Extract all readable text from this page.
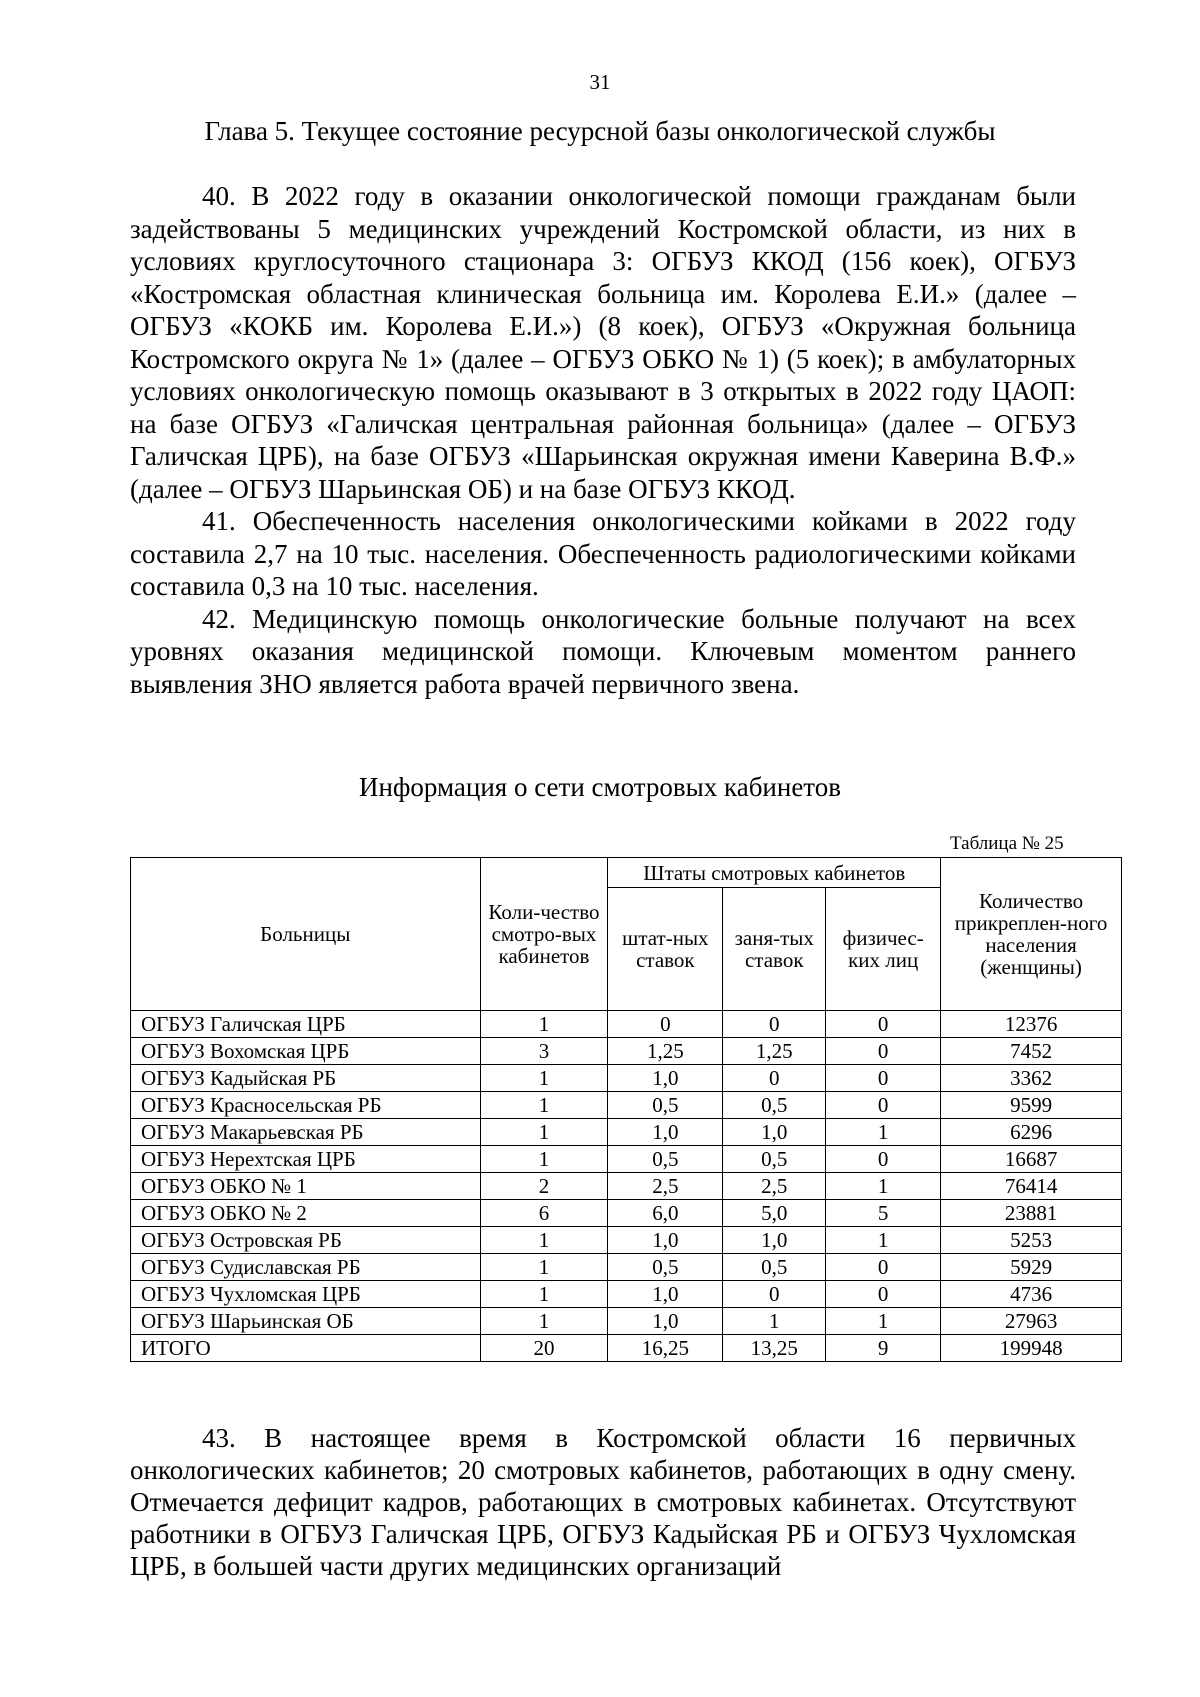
31
Глава 5. Текущее состояние ресурсной базы онкологической службы

40. В 2022 году в оказании онкологической помощи гражданам были задействованы 5 медицинских учреждений Костромской области, из них в условиях круглосуточного стационара 3: ОГБУЗ ККОД (156 коек), ОГБУЗ «Костромская областная клиническая больница им. Королева Е.И.» (далее – ОГБУЗ «КОКБ им. Королева Е.И.») (8 коек), ОГБУЗ «Окружная больница Костромского округа № 1» (далее – ОГБУЗ ОБКО № 1) (5 коек); в амбулаторных условиях онкологическую помощь оказывают в 3 открытых в 2022 году ЦАОП: на базе ОГБУЗ «Галичская центральная районная больница» (далее – ОГБУЗ Галичская ЦРБ), на базе ОГБУЗ «Шарьинская окружная имени Каверина В.Ф.» (далее – ОГБУЗ Шарьинская ОБ) и на базе ОГБУЗ ККОД.

41. Обеспеченность населения онкологическими койками в 2022 году составила 2,7 на 10 тыс. населения. Обеспеченность радиологическими койками составила 0,3 на 10 тыс. населения.

42. Медицинскую помощь онкологические больные получают на всех уровнях оказания медицинской помощи. Ключевым моментом раннего выявления ЗНО является работа врачей первичного звена.

Информация о сети смотровых кабинетов
Таблица № 25
Больницы	Коли-чество смотро-вых кабинетов	Штаты смотровых кабинетов			Количество прикреплен-ного населения (женщины)
		штат-ных ставок	заня-тых ставок	физичес-ких лиц	
ОГБУЗ Галичская ЦРБ	1	0	0	0	12376
ОГБУЗ Вохомская ЦРБ	3	1,25	1,25	0	7452
ОГБУЗ Кадыйская РБ	1	1,0	0	0	3362
ОГБУЗ Красносельская РБ	1	0,5	0,5	0	9599
ОГБУЗ Макарьевская РБ	1	1,0	1,0	1	6296
ОГБУЗ Нерехтская ЦРБ	1	0,5	0,5	0	16687
ОГБУЗ ОБКО № 1	2	2,5	2,5	1	76414
ОГБУЗ ОБКО № 2	6	6,0	5,0	5	23881
ОГБУЗ Островская РБ	1	1,0	1,0	1	5253
ОГБУЗ Судиславская РБ	1	0,5	0,5	0	5929
ОГБУЗ Чухломская ЦРБ	1	1,0	0	0	4736
ОГБУЗ Шарьинская ОБ	1	1,0	1	1	27963
ИТОГО	20	16,25	13,25	9	199948

43. В настоящее время в Костромской области 16 первичных онкологических кабинетов; 20 смотровых кабинетов, работающих в одну смену. Отмечается дефицит кадров, работающих в смотровых кабинетах. Отсутствуют работники в ОГБУЗ Галичская ЦРБ, ОГБУЗ Кадыйская РБ и ОГБУЗ Чухломская ЦРБ, в большей части других медицинских организаций
